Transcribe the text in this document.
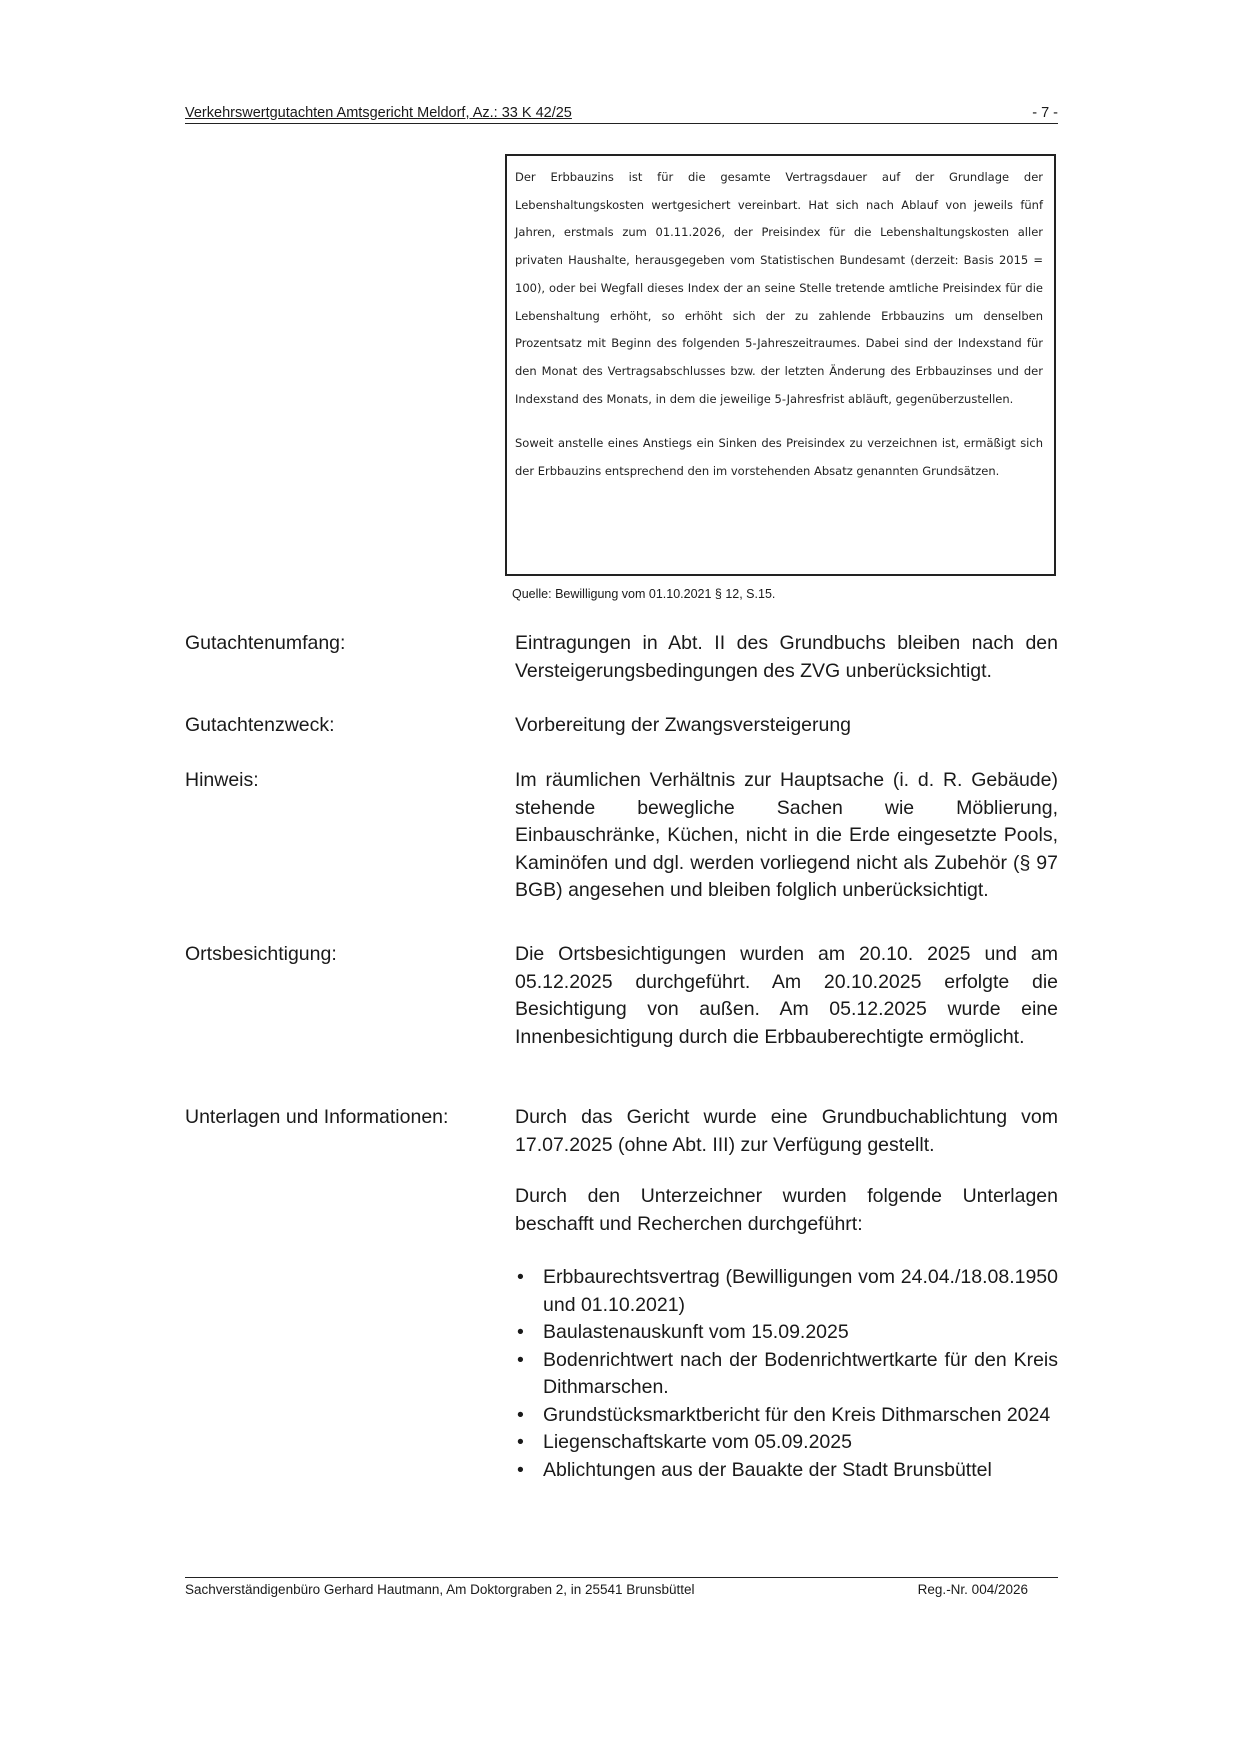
Verkehrswertgutachten Amtsgericht Meldorf, Az.: 33 K 42/25	- 7 -

Der Erbbauzins ist für die gesamte Vertragsdauer auf der Grundlage der Lebenshaltungskosten wertgesichert vereinbart. Hat sich nach Ablauf von jeweils fünf Jahren, erstmals zum 01.11.2026, der Preisindex für die Lebenshaltungskosten aller privaten Haushalte, herausgegeben vom Statistischen Bundesamt (derzeit: Basis 2015 = 100), oder bei Wegfall dieses Index der an seine Stelle tretende amtliche Preisindex für die Lebenshaltung erhöht, so erhöht sich der zu zahlende Erbbauzins um denselben Prozentsatz mit Beginn des folgenden 5-Jahreszeitraumes. Dabei sind der Indexstand für den Monat des Vertragsabschlusses bzw. der letzten Änderung des Erbbauzinses und der Indexstand des Monats, in dem die jeweilige 5-Jahresfrist abläuft, gegenüberzustellen.

Soweit anstelle eines Anstiegs ein Sinken des Preisindex zu verzeichnen ist, ermäßigt sich der Erbbauzins entsprechend den im vorstehenden Absatz genannten Grundsätzen.

Quelle: Bewilligung vom 01.10.2021 § 12, S.15.
Gutachtenumfang:	Eintragungen in Abt. II des Grundbuchs bleiben nach den Versteigerungsbedingungen des ZVG unberücksichtigt.

Gutachtenzweck:	Vorbereitung der Zwangsversteigerung

Hinweis:	Im räumlichen Verhältnis zur Hauptsache (i. d. R. Gebäude) stehende bewegliche Sachen wie Möblierung, Einbauschränke, Küchen, nicht in die Erde eingesetzte Pools, Kaminöfen und dgl. werden vorliegend nicht als Zubehör (§ 97 BGB) angesehen und bleiben folglich unberücksichtigt.

Ortsbesichtigung:	Die Ortsbesichtigungen wurden am 20.10. 2025 und am 05.12.2025 durchgeführt. Am 20.10.2025 erfolgte die Besichtigung von außen. Am 05.12.2025 wurde eine Innenbesichtigung durch die Erbbauberechtigte ermöglicht.

Unterlagen und Informationen:	Durch das Gericht wurde eine Grundbuchablichtung vom 17.07.2025 (ohne Abt. III) zur Verfügung gestellt.

Durch den Unterzeichner wurden folgende Unterlagen beschafft und Recherchen durchgeführt:

• Erbbaurechtsvertrag (Bewilligungen vom 24.04./18.08.1950 und 01.10.2021)
• Baulastenauskunft vom 15.09.2025
• Bodenrichtwert nach der Bodenrichtwertkarte für den Kreis Dithmarschen.
• Grundstücksmarktbericht für den Kreis Dithmarschen 2024
• Liegenschaftskarte vom 05.09.2025
• Ablichtungen aus der Bauakte der Stadt Brunsbüttel
Sachverständigenbüro Gerhard Hautmann, Am Doktorgraben 2, in 25541 Brunsbüttel	Reg.-Nr. 004/2026
